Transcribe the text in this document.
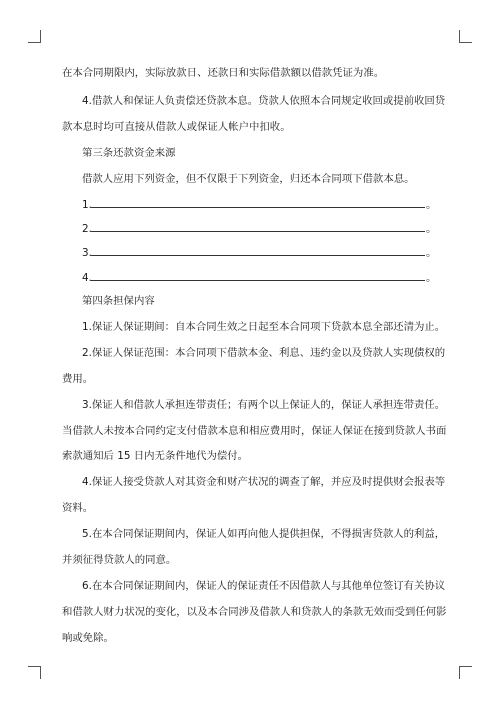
在本合同期限内，实际放款日、还款日和实际借款额以借款凭证为准。
4.借款人和保证人负责偿还贷款本息。贷款人依照本合同规定收回或提前收回贷
款本息时均可直接从借款人或保证人帐户中扣收。
第三条还款资金来源
借款人应用下列资金，但不仅限于下列资金，归还本合同项下借款本息。
1.	。
2.	。
3.	。
4.	。
第四条担保内容
1.保证人保证期间：自本合同生效之日起至本合同项下贷款本息全部还清为止。
2.保证人保证范围：本合同项下借款本金、利息、违约金以及贷款人实现债权的
费用。
3.保证人和借款人承担连带责任；有两个以上保证人的，保证人承担连带责任。
当借款人未按本合同约定支付借款本息和相应费用时，保证人保证在接到贷款人书面
索款通知后 15 日内无条件地代为偿付。
4.保证人接受贷款人对其资金和财产状况的调查了解，并应及时提供财会报表等
资料。
5.在本合同保证期间内，保证人如再向他人提供担保，不得损害贷款人的利益，
并须征得贷款人的同意。
6.在本合同保证期间内，保证人的保证责任不因借款人与其他单位签订有关协议
和借款人财力状况的变化，以及本合同涉及借款人和贷款人的条款无效而受到任何影
响或免除。
